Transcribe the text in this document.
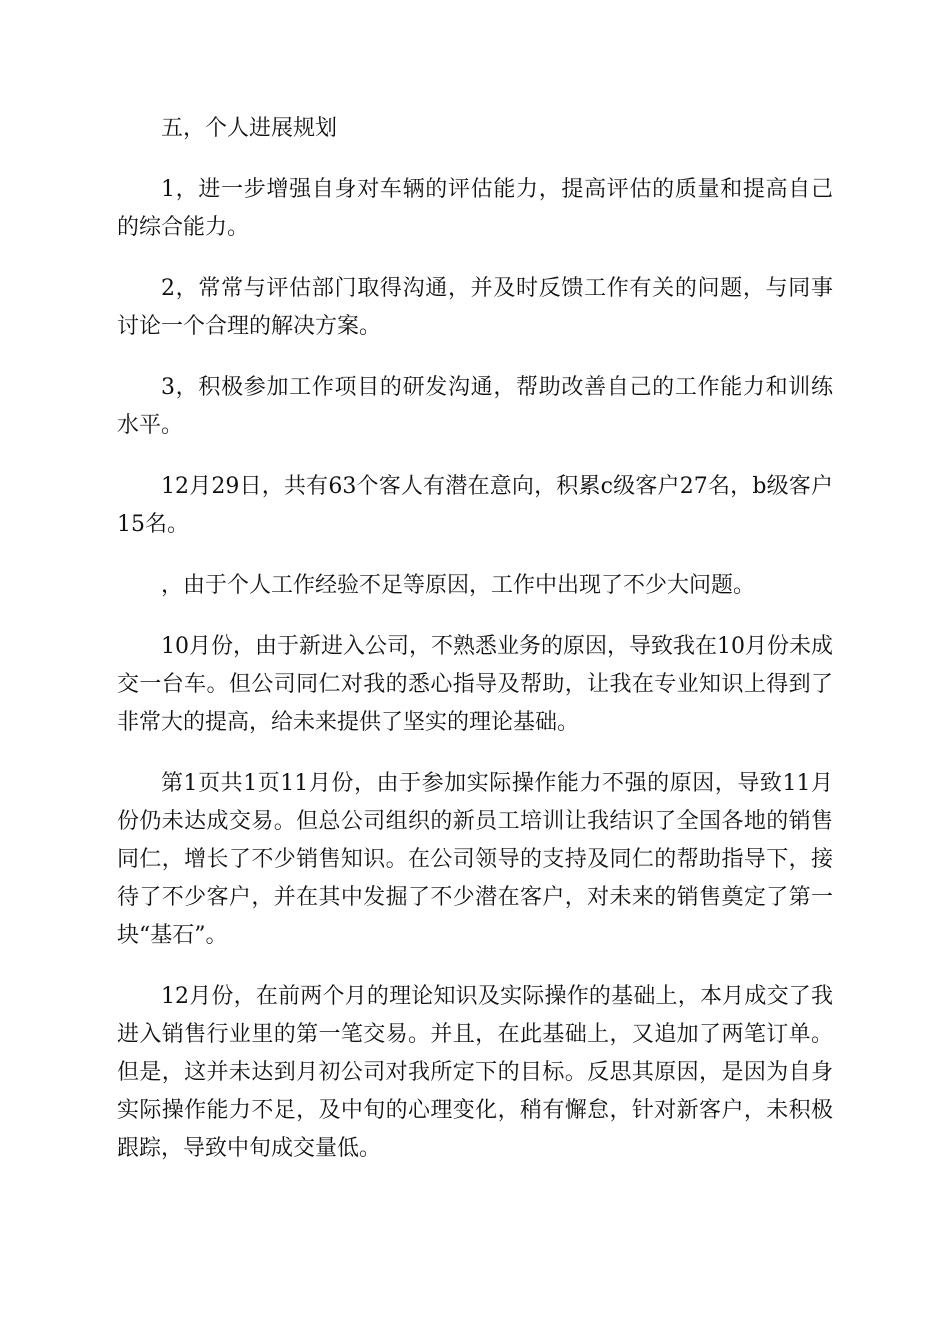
五，个人进展规划

1，进一步增强自身对车辆的评估能力，提高评估的质量和提高自己的综合能力。

2，常常与评估部门取得沟通，并及时反馈工作有关的问题，与同事讨论一个合理的解决方案。

3，积极参加工作项目的研发沟通，帮助改善自己的工作能力和训练水平。

12月29日，共有63个客人有潜在意向，积累c级客户27名，b级客户15名。

，由于个人工作经验不足等原因，工作中出现了不少大问题。

10月份，由于新进入公司，不熟悉业务的原因，导致我在10月份未成交一台车。但公司同仁对我的悉心指导及帮助，让我在专业知识上得到了非常大的提高，给未来提供了坚实的理论基础。

第1页共1页11月份，由于参加实际操作能力不强的原因，导致11月份仍未达成交易。但总公司组织的新员工培训让我结识了全国各地的销售同仁，增长了不少销售知识。在公司领导的支持及同仁的帮助指导下，接待了不少客户，并在其中发掘了不少潜在客户，对未来的销售奠定了第一块“基石”。

12月份，在前两个月的理论知识及实际操作的基础上，本月成交了我进入销售行业里的第一笔交易。并且，在此基础上，又追加了两笔订单。但是，这并未达到月初公司对我所定下的目标。反思其原因，是因为自身实际操作能力不足，及中旬的心理变化，稍有懈怠，针对新客户，未积极跟踪，导致中旬成交量低。
